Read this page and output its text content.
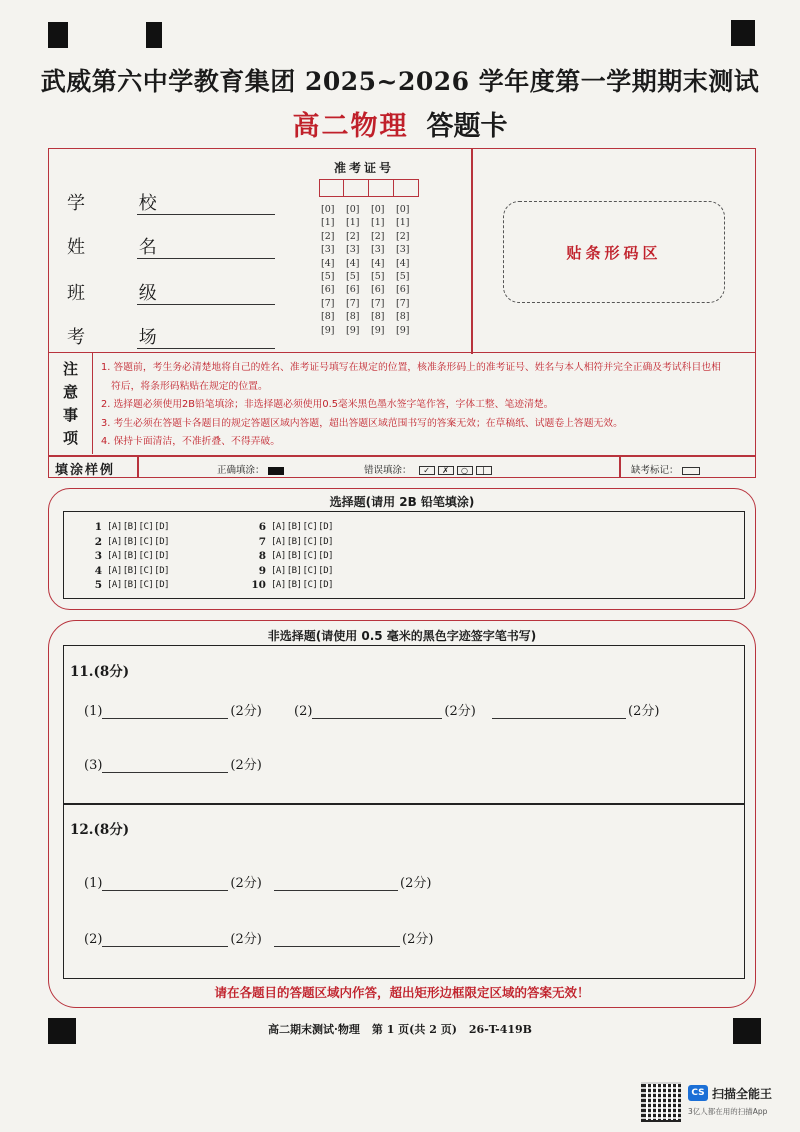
武威第六中学教育集团 2025~2026 学年度第一学期期末测试
高二物理 答题卡
学 校
姓 名
班 级
考 场
准考证号
[0]	[0]	[0]	[0]
[1]	[1]	[1]	[1]
[2]	[2]	[2]	[2]
[3]	[3]	[3]	[3]
[4]	[4]	[4]	[4]
[5]	[5]	[5]	[5]
[6]	[6]	[6]	[6]
[7]	[7]	[7]	[7]
[8]	[8]	[8]	[8]
[9]	[9]	[9]	[9]
贴条形码区
注
意
事
项

1. 答题前，考生务必清楚地将自己的姓名、准考证号填写在规定的位置，核准条形码上的准考证号、姓名与本人相符并完全正确及考试科目也相

符后，将条形码粘贴在规定的位置。

2. 选择题必须使用2B铅笔填涂；非选择题必须使用0.5毫米黑色墨水签字笔作答，字体工整、笔迹清楚。

3. 考生必须在答题卡各题目的规定答题区域内答题，超出答题区域范围书写的答案无效；在草稿纸、试题卷上答题无效。

4. 保持卡面清洁，不准折叠、不得弄破。

填涂样例	正确填涂：	错误填涂：	✓	✗	○	|	缺考标记：
选择题(请用 2B 铅笔填涂)
1 [A] [B] [C] [D]
2 [A] [B] [C] [D]
3 [A] [B] [C] [D]
4 [A] [B] [C] [D]
5 [A] [B] [C] [D]
6 [A] [B] [C] [D]
7 [A] [B] [C] [D]
8 [A] [B] [C] [D]
9 [A] [B] [C] [D]
10 [A] [B] [C] [D]
非选择题(请使用 0.5 毫米的黑色字迹签字笔书写)
11.(8分)
(1)	(2分) (2)	(2分)	(2分)
(3)	(2分)
12.(8分)
(1)	(2分)	(2分)
(2)	(2分)	(2分)
请在各题目的答题区域内作答，超出矩形边框限定区域的答案无效！
高二期末测试·物理 第 1 页(共 2 页) 26-T-419B
CS 扫描全能王
3亿人都在用的扫描App
